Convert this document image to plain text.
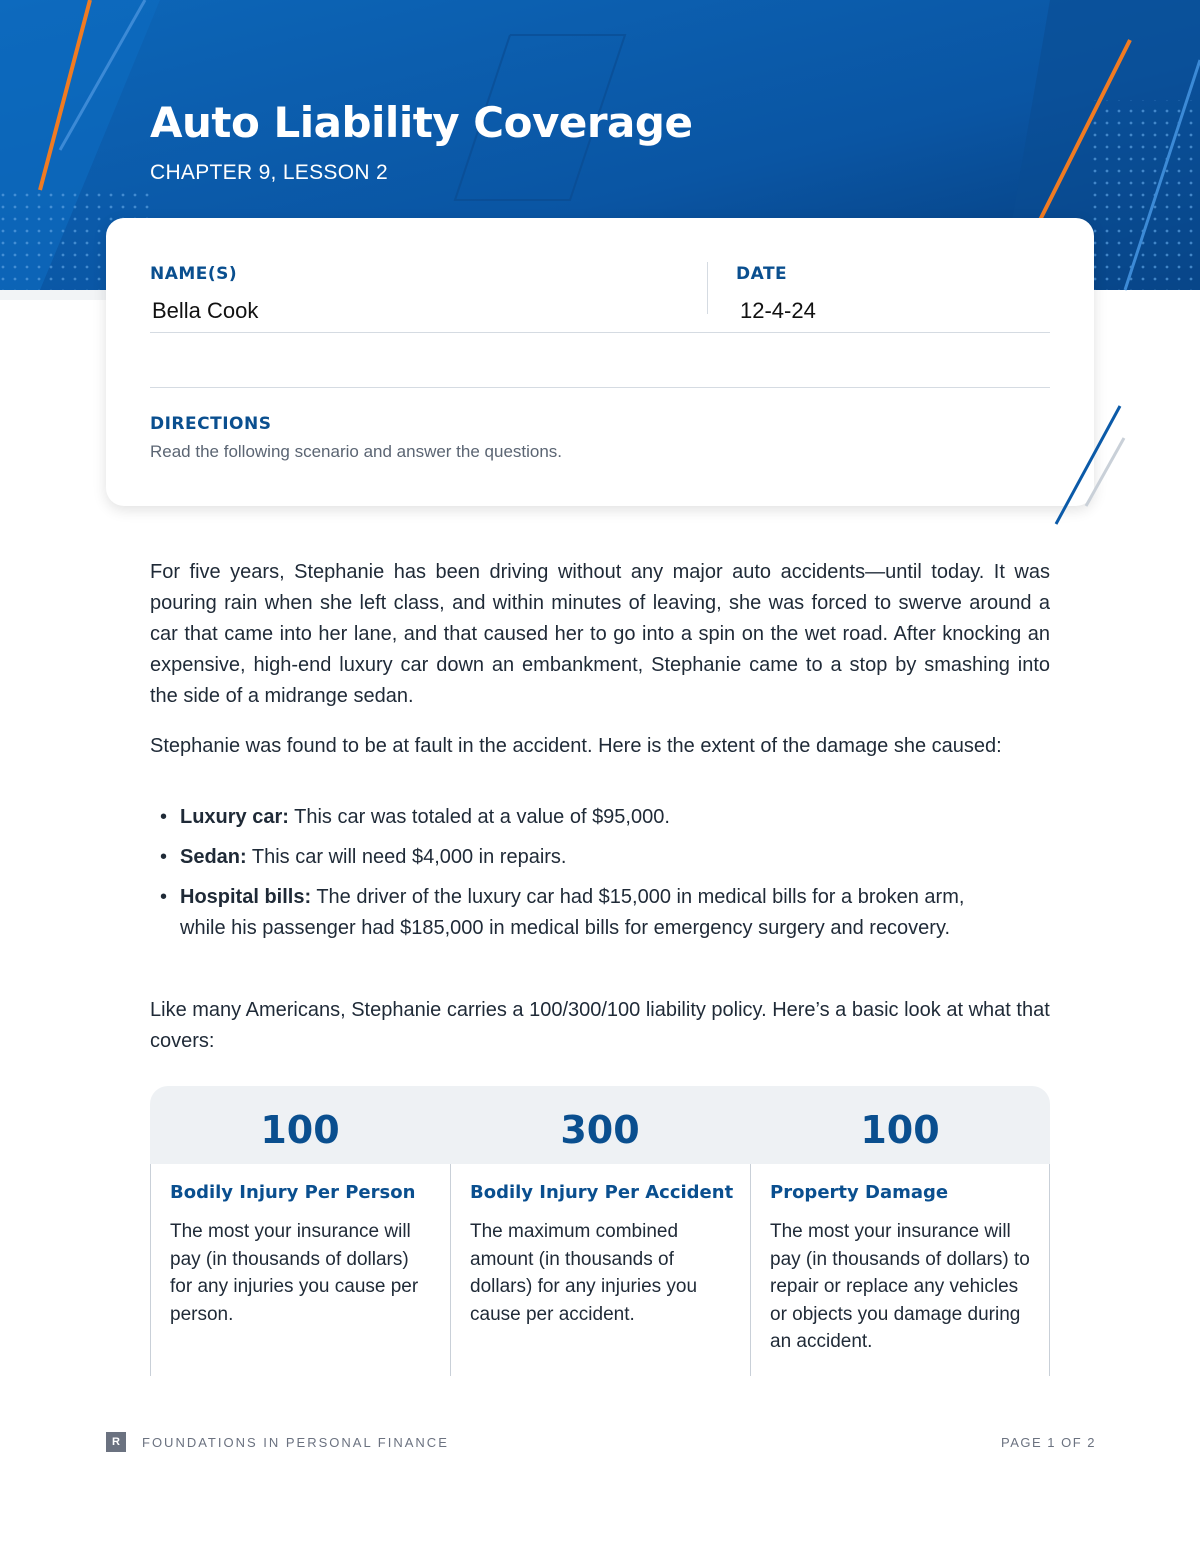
Auto Liability Coverage
CHAPTER 9, LESSON 2
NAME(S)
Bella Cook
DATE
12-4-24
DIRECTIONS
Read the following scenario and answer the questions.

For five years, Stephanie has been driving without any major auto accidents—until today. It was pouring rain when she left class, and within minutes of leaving, she was forced to swerve around a car that came into her lane, and that caused her to go into a spin on the wet road. After knocking an expensive, high-end luxury car down an embankment, Stephanie came to a stop by smashing into the side of a midrange sedan.

Stephanie was found to be at fault in the accident. Here is the extent of the damage she caused:

• Luxury car: This car was totaled at a value of $95,000.
• Sedan: This car will need $4,000 in repairs.
• Hospital bills: The driver of the luxury car had $15,000 in medical bills for a broken arm, while his passenger had $185,000 in medical bills for emergency surgery and recovery.

Like many Americans, Stephanie carries a 100/300/100 liability policy. Here’s a basic look at what that covers:

100
Bodily Injury Per Person
The most your insurance will pay (in thousands of dollars) for any injuries you cause per person.
300
Bodily Injury Per Accident
The maximum combined amount (in thousands of dollars) for any injuries you cause per accident.
100
Property Damage
The most your insurance will pay (in thousands of dollars) to repair or replace any vehicles or objects you damage during an accident.
R	FOUNDATIONS IN PERSONAL FINANCE	PAGE 1 OF 2
